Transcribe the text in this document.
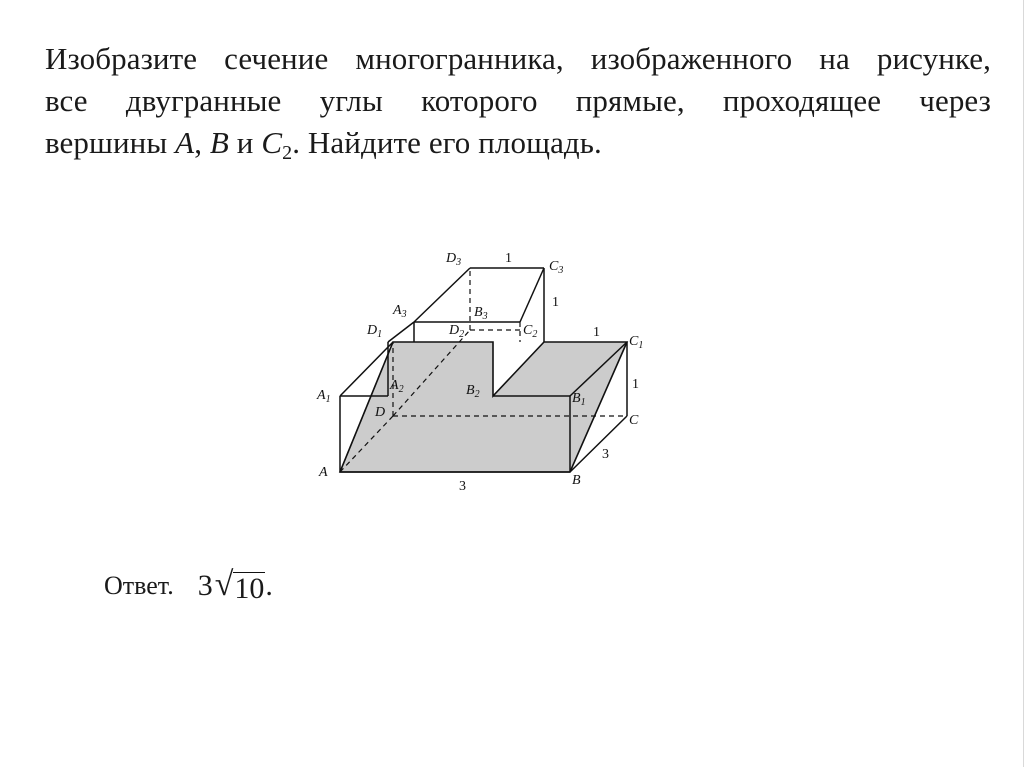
Изобразите сечение многогранника, изображенного на рисунке,
все двугранные углы которого прямые, проходящее через
вершины A, B и $C_2$. Найдите его площадь.
A
B
C
D
$A_1$	$B_1$
$C_1$
$D_1$
$A_2$	$B_2$
$C_2$
$D_2$
$A_3$	$B_3$
$C_3$
$D_3$	1
1
1
1
3
3
Ответ. 3 √ 10 .
